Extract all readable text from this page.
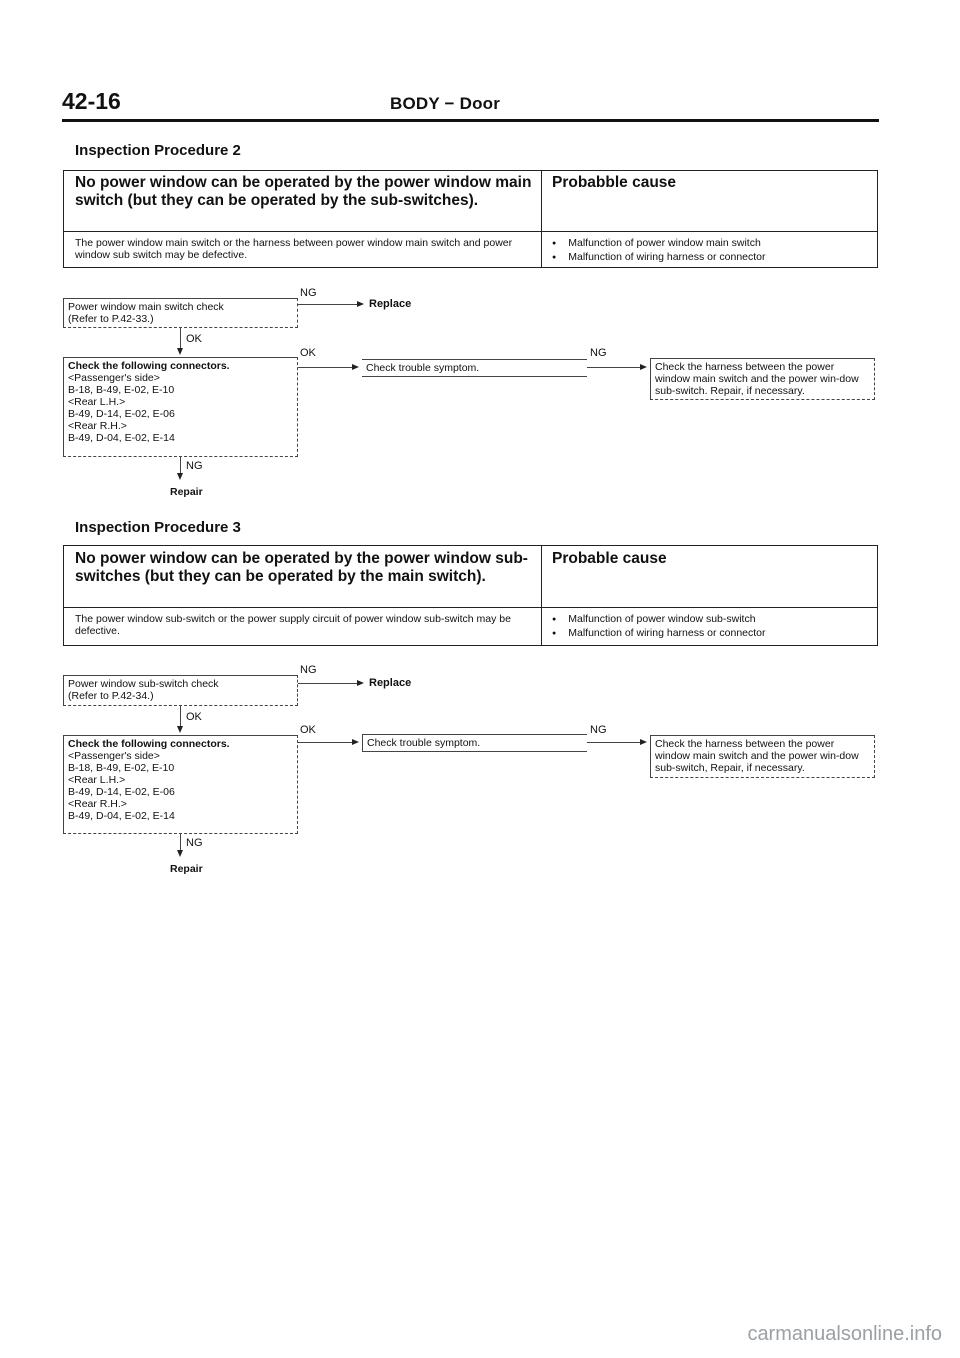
42-16	BODY − Door
Inspection Procedure 2
No power window can be operated by the power window main switch (but they can be operated by the sub-switches).
Probabble cause
The power window main switch or the harness between power window main switch and power window sub switch may be defective.
● Malfunction of power window main switch
● Malfunction of wiring harness or connector
Power window main switch check
(Refer to P.42-33.)
NG
Replace
OK
Check the following connectors.
<Passenger's side>
B-18, B-49, E-02, E-10
<Rear L.H.>
B-49, D-14, E-02, E-06
<Rear R.H.>
B-49, D-04, E-02, E-14
OK
Check trouble symptom.
NG
Check the harness between the power window main switch and the power win-dow sub-switch. Repair, if necessary.
NG
Repair
Inspection Procedure 3
No power window can be operated by the power window sub-switches (but they can be operated by the main switch).
Probable cause
The power window sub-switch or the power supply circuit of power window sub-switch may be defective.
● Malfunction of power window sub-switch
● Malfunction of wiring harness or connector
Power window sub-switch check
(Refer to P.42-34.)
NG
Replace
OK
Check the following connectors.
<Passenger's side>
B-18, B-49, E-02, E-10
<Rear L.H.>
B-49, D-14, E-02, E-06
<Rear R.H.>
B-49, D-04, E-02, E-14
OK
Check trouble symptom.
NG
Check the harness between the power window main switch and the power win-dow sub-switch, Repair, if necessary.
NG
Repair
carmanualsonline.info
